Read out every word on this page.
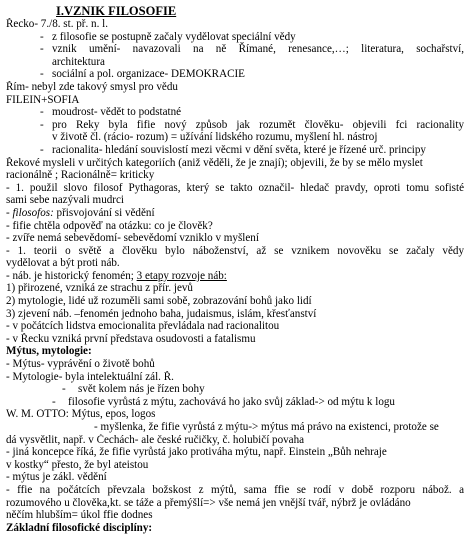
I.VZNIK FILOSOFIE
Řecko- 7./8. st. př. n. l.
- z filosofie se postupně začaly vydělovat speciální vědy
- vznik umění- navazovali na ně Římané, renesance,…; literatura, sochařství,
architektura
- sociální a pol. organizace- DEMOKRACIE
Řím- nebyl zde takový smysl pro vědu
FILEIN+SOFIA
- moudrost- vědět to podstatné
- pro Reky byla fifie nový způsob jak rozumět člověku- objevili fci racionality
v životě čl. (rácio- rozum) = užívání lidského rozumu, myšlení hl. nástroj
- racionalita- hledání souvislostí mezi věcmi v dění světa, které je řízené urč. principy
Řekové mysleli v určitých kategoriích (aniž věděli, že je znají); objevili, že by se mělo myslet
racionálně ; Racionálně= kriticky
- 1. použil slovo filosof Pythagoras, který se takto označil- hledač pravdy, oproti tomu sofisté
sami sebe nazývali mudrci
- filosofos: přisvojování si vědění
- fifie chtěla odpověď na otázku: co je člověk?
- zvíře nemá sebevědomí- sebevědomí vzniklo v myšlení
- 1. teorii o světě a člověku bylo náboženství, až se vznikem novověku se začaly vědy
vydělovat a být proti náb.
- náb. je historický fenomén; 3 etapy rozvoje náb:
1) přirozené, vzniká ze strachu z přír. jevů
2) mytologie, lidé už rozuměli sami sobě, zobrazování bohů jako lidí
3) zjevení náb. –fenomén jednoho baha, judaismus, islám, křesťanství
- v počátcích lidstva emocionalita převládala nad racionalitou
- v Řecku vzniká první představa osudovosti a fatalismu
Mýtus, mytologie:
- Mýtus- vyprávění o životě bohů
- Mytologie- byla intelektuální zál. Ř.
-	svět kolem nás je řízen bohy
-	filosofie vyrůstá z mýtu, zachovává ho jako svůj základ-> od mýtu k logu
W. M. OTTO: Mýtus, epos, logos
- myšlenka, že fifie vyrůstá z mýtu-> mýtus má právo na existenci, protože se
dá vysvětlit, např. v Čechách- ale české ručičky, č. holubičí povaha
- jiná koncepce říká, že fifie vyrůstá jako protiváha mýtu, např. Einstein „Bůh nehraje
v kostky“ přesto, že byl ateistou
- mýtus je zákl. vědění
- ffie na počátcích převzala božskost z mýtů, sama ffie se rodí v době rozporu nábož. a
rozumového u člověka,kt. se táže a přemýšlí=> vše nemá jen vnější tvář, nýbrž je ovládáno
něčím hlubším= úkol ffie dodnes
Základní filosofické disciplíny:
